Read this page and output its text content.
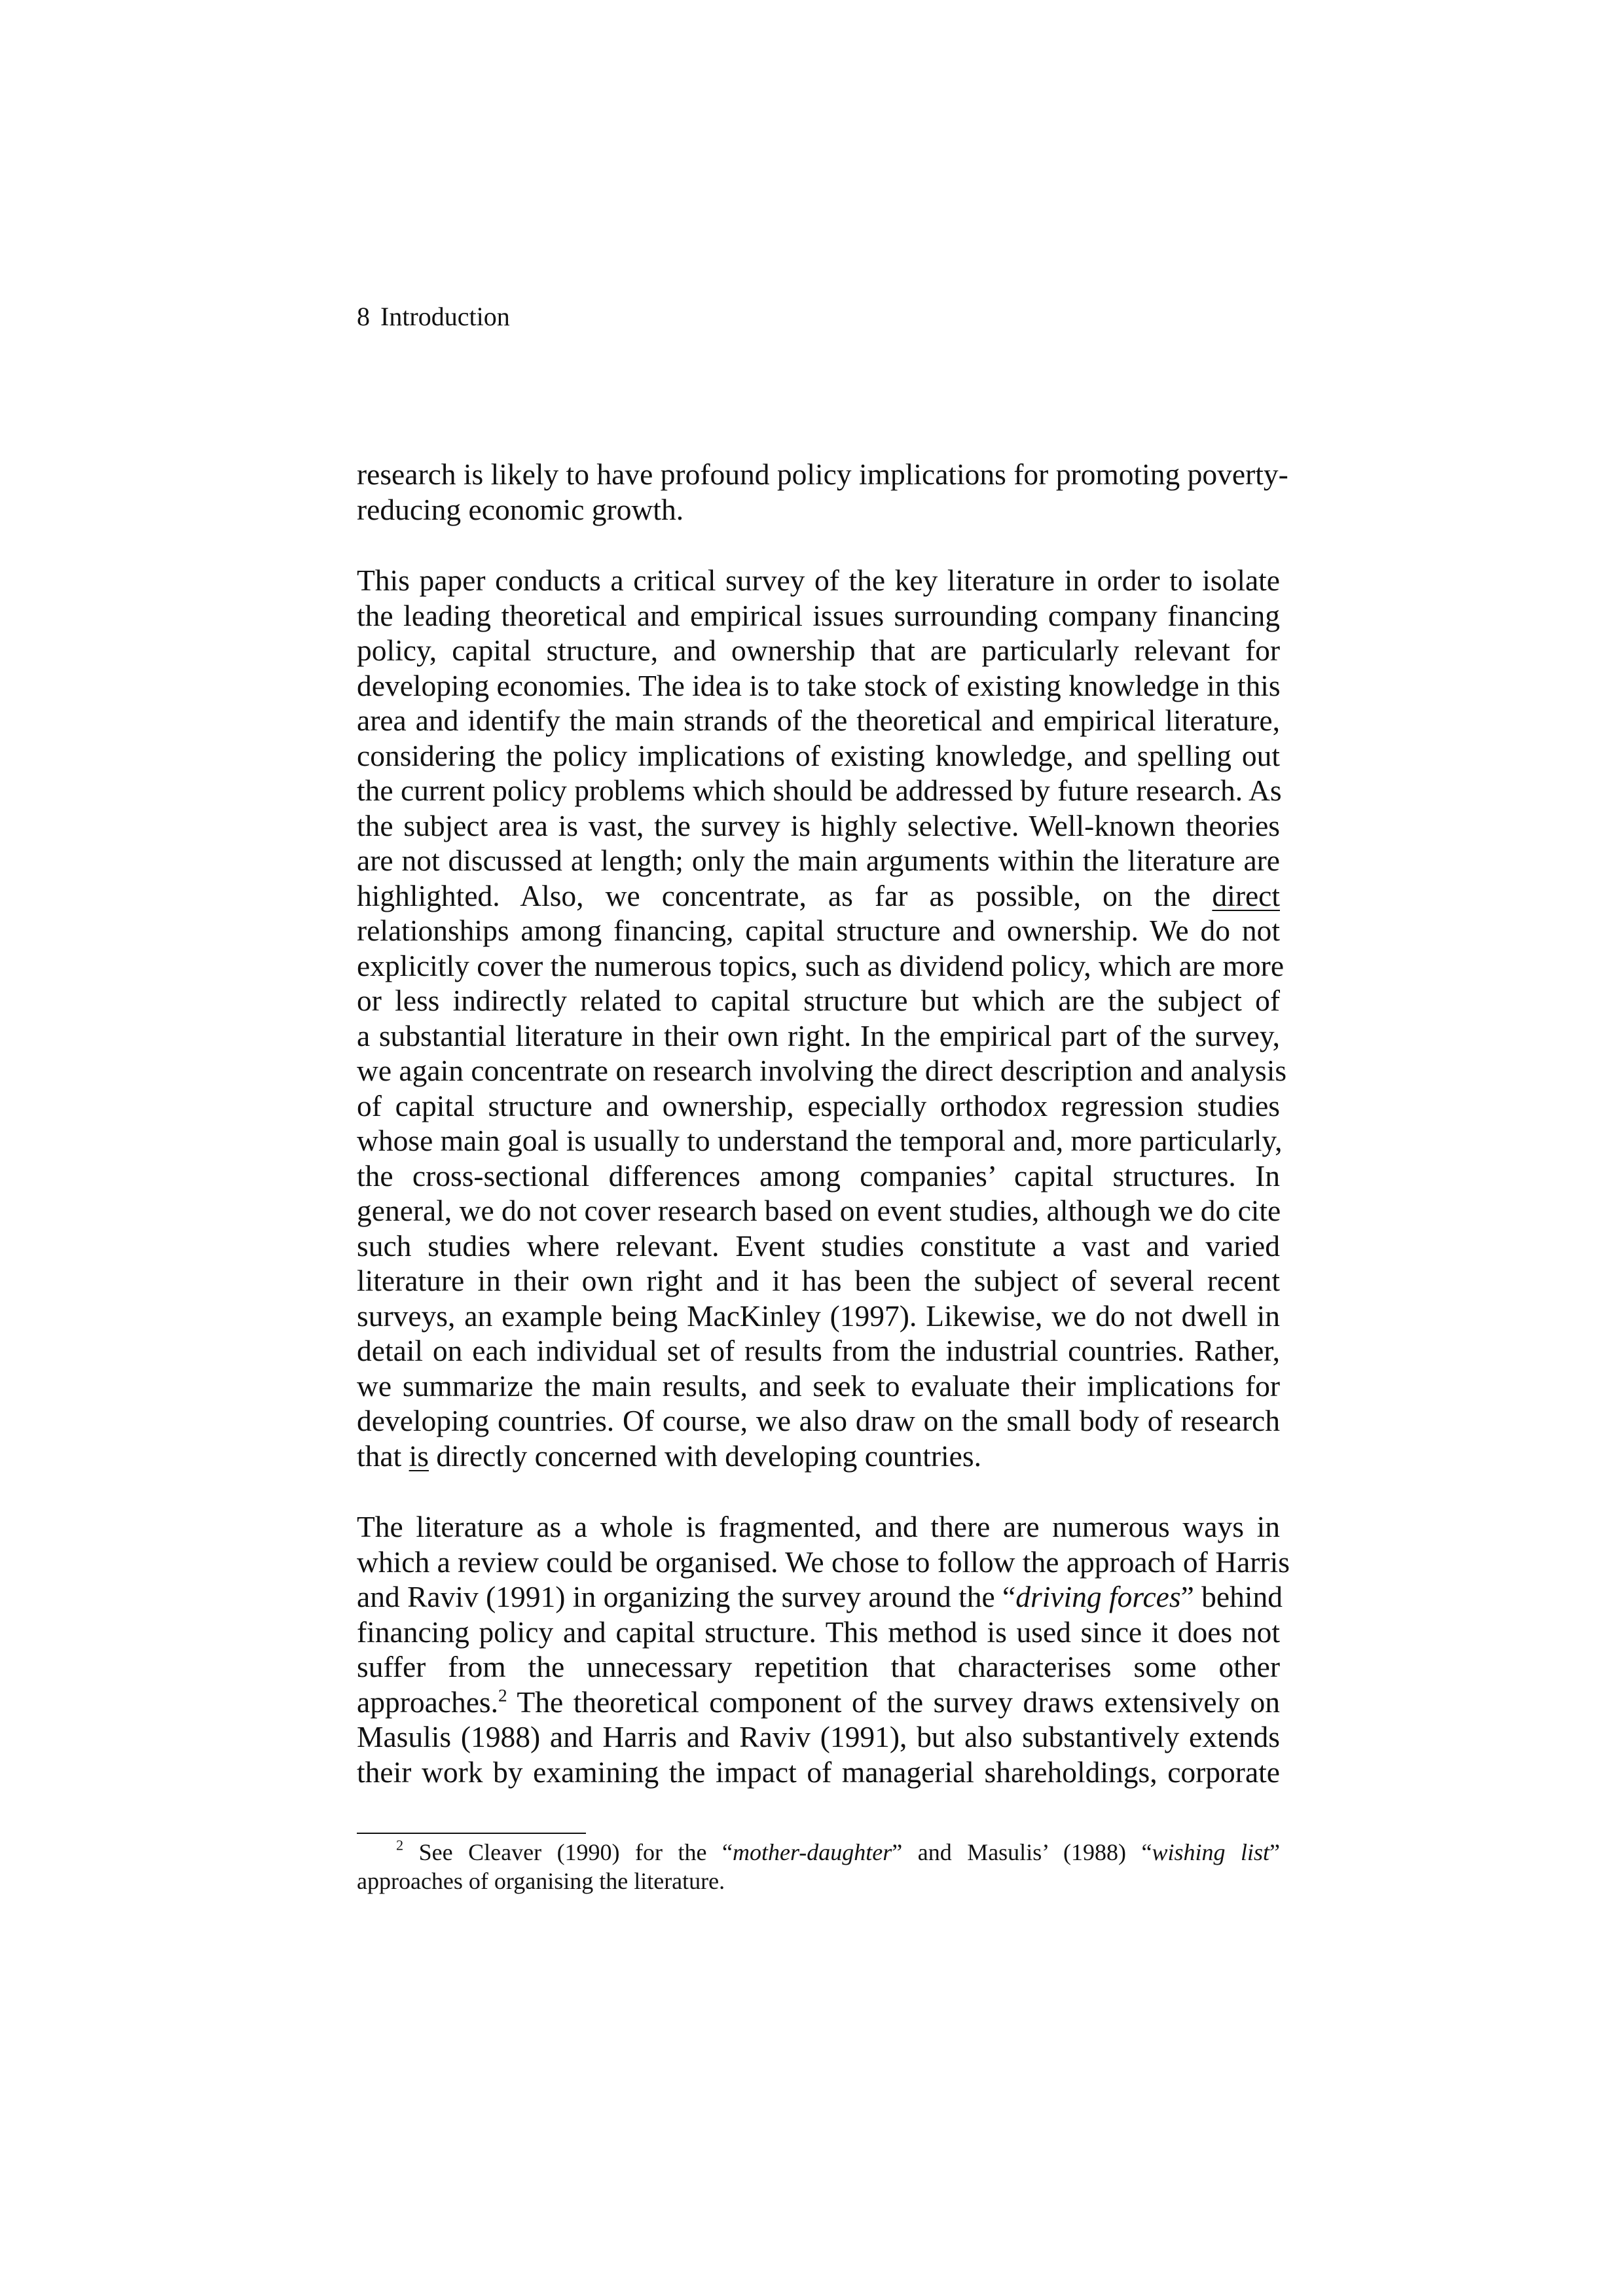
8 Introduction
research is likely to have profound policy implications for promoting poverty-
reducing economic growth.
This paper conducts a critical survey of the key literature in order to isolate
the leading theoretical and empirical issues surrounding company financing
policy, capital structure, and ownership that are particularly relevant for
developing economies. The idea is to take stock of existing knowledge in this
area and identify the main strands of the theoretical and empirical literature,
considering the policy implications of existing knowledge, and spelling out
the current policy problems which should be addressed by future research. As
the subject area is vast, the survey is highly selective. Well-known theories
are not discussed at length; only the main arguments within the literature are
highlighted. Also, we concentrate, as far as possible, on the direct
relationships among financing, capital structure and ownership. We do not
explicitly cover the numerous topics, such as dividend policy, which are more
or less indirectly related to capital structure but which are the subject of
a substantial literature in their own right. In the empirical part of the survey,
we again concentrate on research involving the direct description and analysis
of capital structure and ownership, especially orthodox regression studies
whose main goal is usually to understand the temporal and, more particularly,
the cross-sectional differences among companies’ capital structures. In
general, we do not cover research based on event studies, although we do cite
such studies where relevant. Event studies constitute a vast and varied
literature in their own right and it has been the subject of several recent
surveys, an example being MacKinley (1997). Likewise, we do not dwell in
detail on each individual set of results from the industrial countries. Rather,
we summarize the main results, and seek to evaluate their implications for
developing countries. Of course, we also draw on the small body of research
that is directly concerned with developing countries.
The literature as a whole is fragmented, and there are numerous ways in
which a review could be organised. We chose to follow the approach of Harris
and Raviv (1991) in organizing the survey around the “driving forces” behind
financing policy and capital structure. This method is used since it does not
suffer from the unnecessary repetition that characterises some other
approaches.$^2$ The theoretical component of the survey draws extensively on
Masulis (1988) and Harris and Raviv (1991), but also substantively extends
their work by examining the impact of managerial shareholdings, corporate
$^2$ See Cleaver (1990) for the “mother-daughter” and Masulis’ (1988) “wishing list”
approaches of organising the literature.
